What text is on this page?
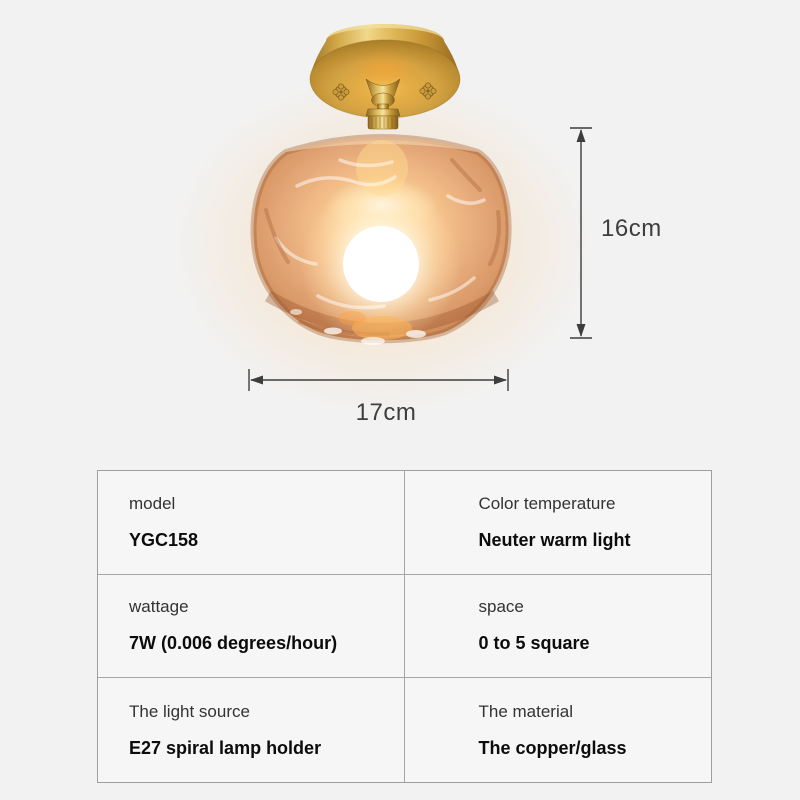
16cm
17cm
model
YGC158
Color temperature
Neuter warm light
wattage
7W (0.006 degrees/hour)
space
0 to 5 square
The light source
E27 spiral lamp holder
The material
The copper/glass
